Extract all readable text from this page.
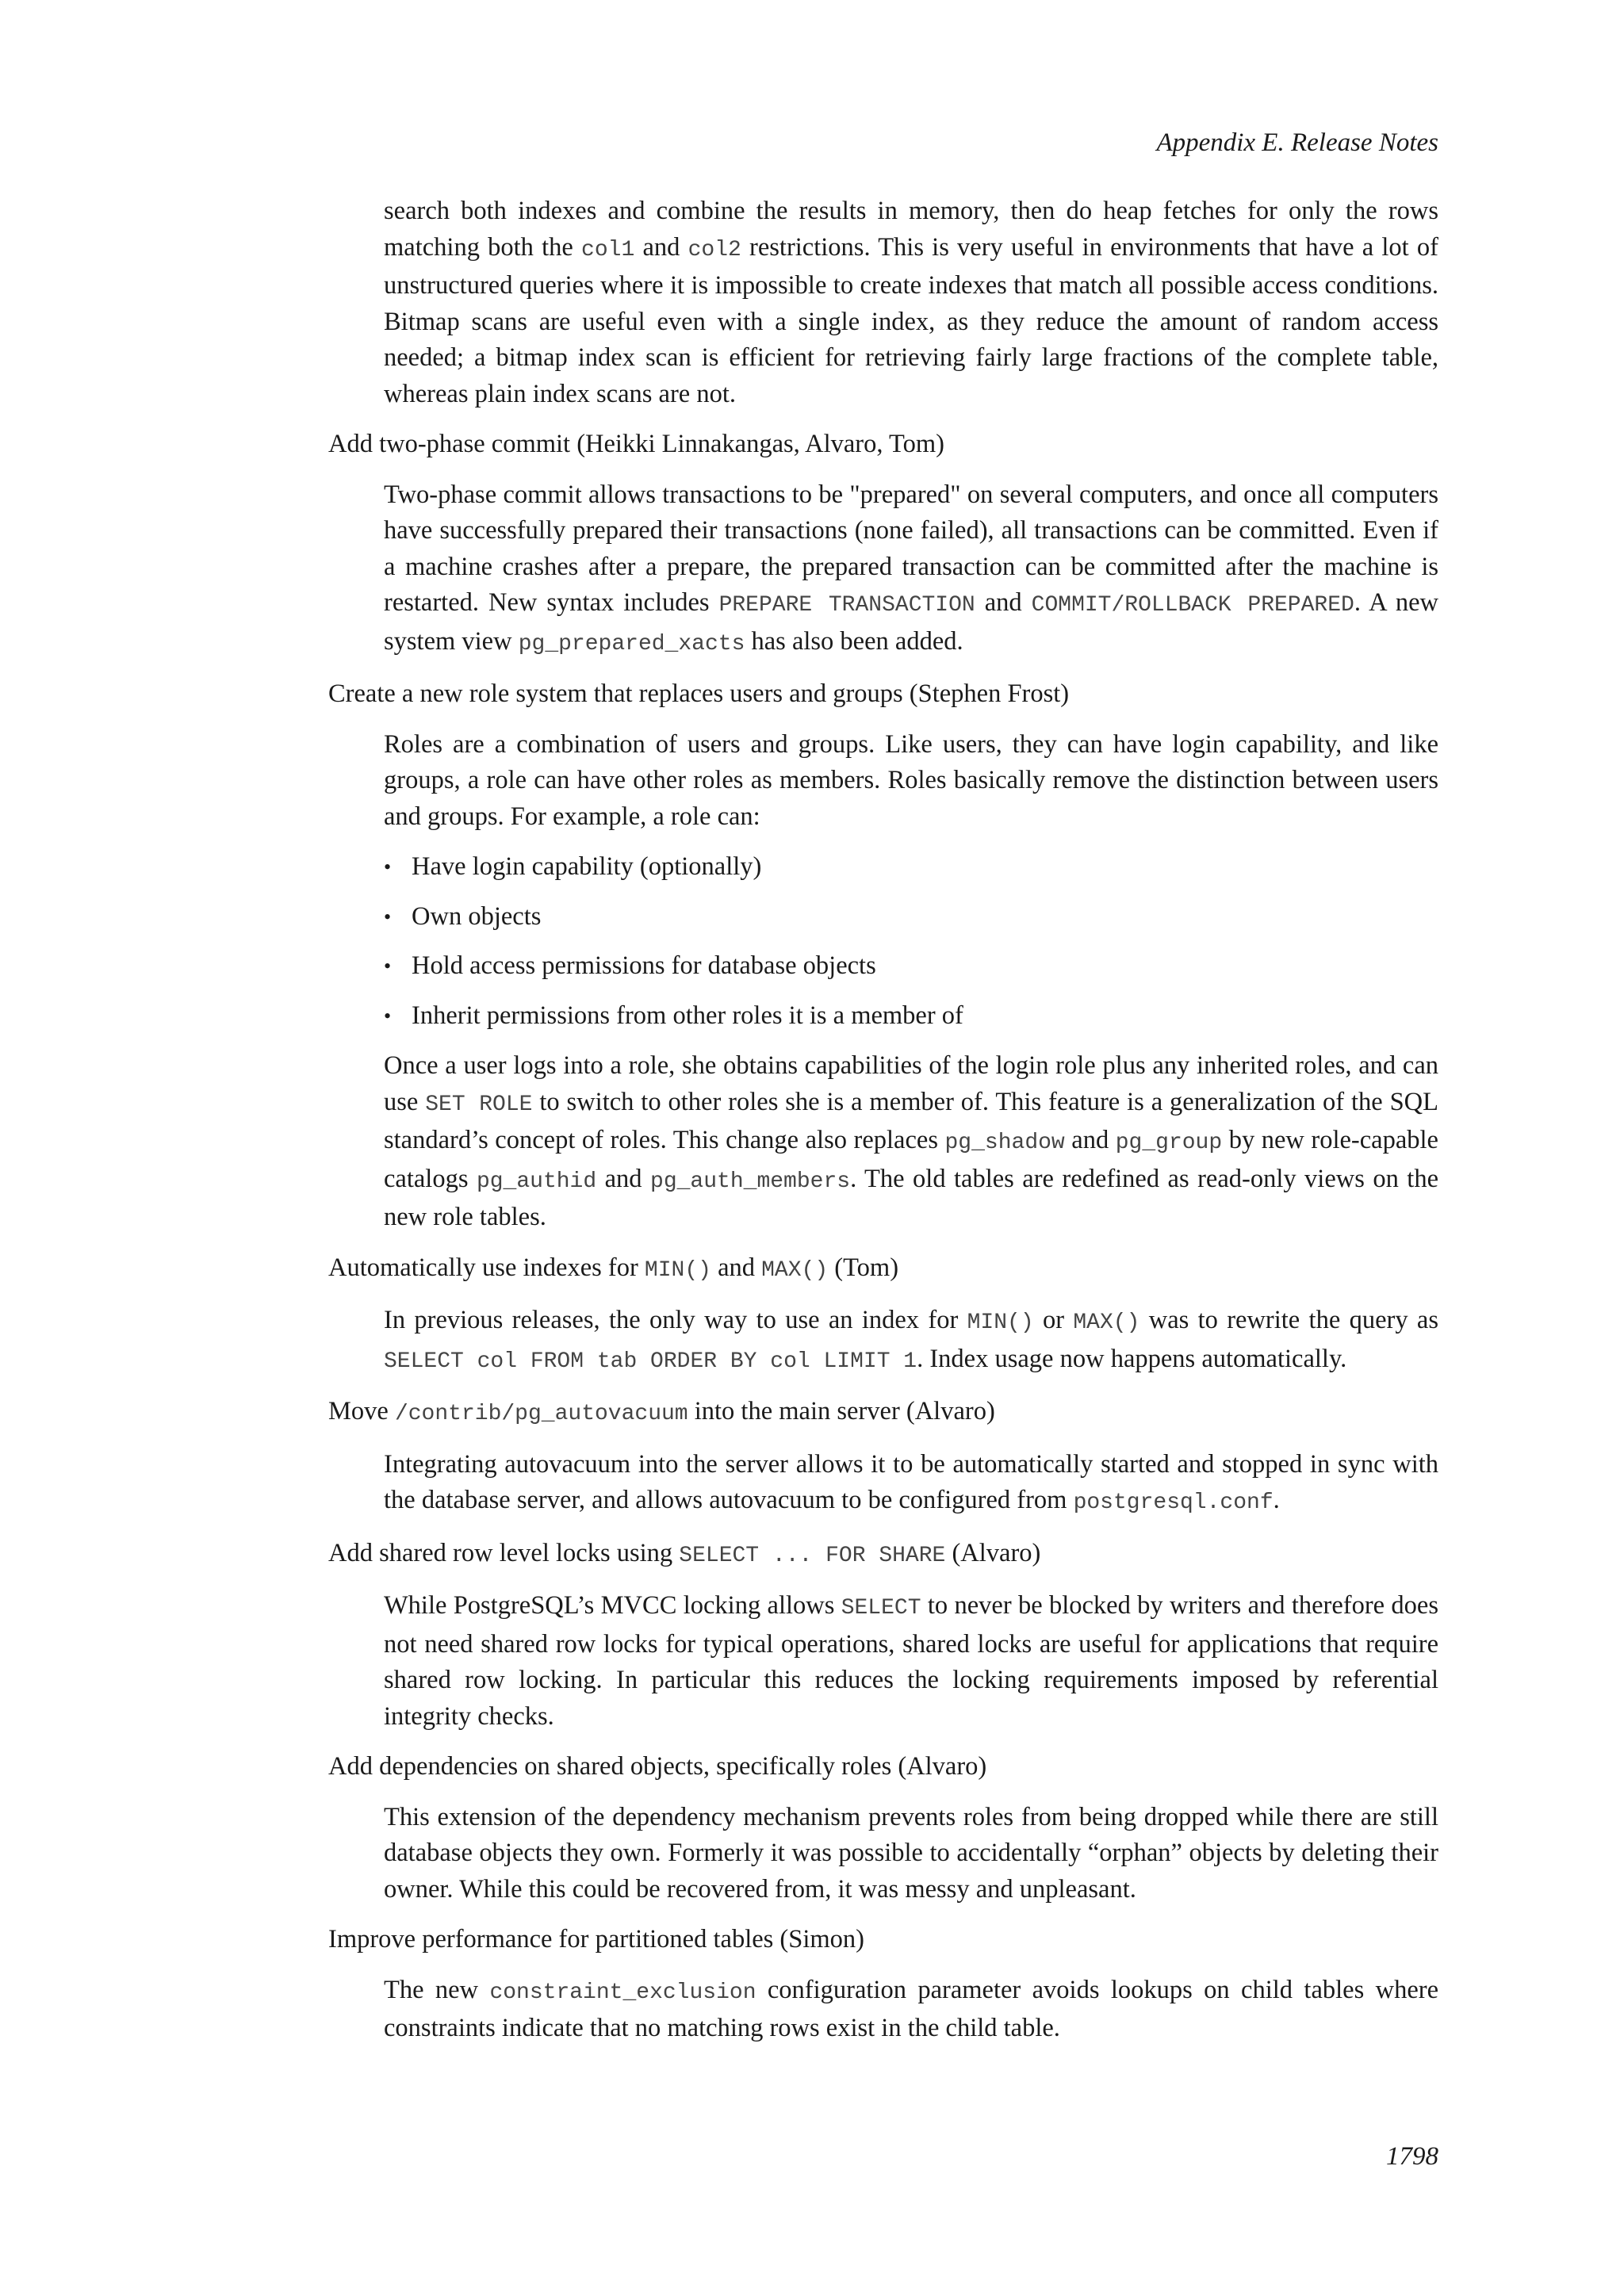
Appendix E. Release Notes

search both indexes and combine the results in memory, then do heap fetches for only the rows matching both the col1 and col2 restrictions. This is very useful in environments that have a lot of unstructured queries where it is impossible to create indexes that match all possible access conditions. Bitmap scans are useful even with a single index, as they reduce the amount of random access needed; a bitmap index scan is efficient for retrieving fairly large fractions of the complete table, whereas plain index scans are not.

Add two-phase commit (Heikki Linnakangas, Alvaro, Tom)

Two-phase commit allows transactions to be "prepared" on several computers, and once all computers have successfully prepared their transactions (none failed), all transactions can be committed. Even if a machine crashes after a prepare, the prepared transaction can be committed after the machine is restarted. New syntax includes PREPARE TRANSACTION and COMMIT/ROLLBACK PREPARED. A new system view pg_prepared_xacts has also been added.

Create a new role system that replaces users and groups (Stephen Frost)

Roles are a combination of users and groups. Like users, they can have login capability, and like groups, a role can have other roles as members. Roles basically remove the distinction between users and groups. For example, a role can:

• Have login capability (optionally)
• Own objects
• Hold access permissions for database objects
• Inherit permissions from other roles it is a member of

Once a user logs into a role, she obtains capabilities of the login role plus any inherited roles, and can use SET ROLE to switch to other roles she is a member of. This feature is a generalization of the SQL standard’s concept of roles. This change also replaces pg_shadow and pg_group by new role-capable catalogs pg_authid and pg_auth_members. The old tables are redefined as read-only views on the new role tables.

Automatically use indexes for MIN() and MAX() (Tom)

In previous releases, the only way to use an index for MIN() or MAX() was to rewrite the query as SELECT col FROM tab ORDER BY col LIMIT 1. Index usage now happens automatically.

Move /contrib/pg_autovacuum into the main server (Alvaro)

Integrating autovacuum into the server allows it to be automatically started and stopped in sync with the database server, and allows autovacuum to be configured from postgresql.conf.

Add shared row level locks using SELECT ... FOR SHARE (Alvaro)

While PostgreSQL’s MVCC locking allows SELECT to never be blocked by writers and therefore does not need shared row locks for typical operations, shared locks are useful for applications that require shared row locking. In particular this reduces the locking requirements imposed by referential integrity checks.

Add dependencies on shared objects, specifically roles (Alvaro)

This extension of the dependency mechanism prevents roles from being dropped while there are still database objects they own. Formerly it was possible to accidentally “orphan” objects by deleting their owner. While this could be recovered from, it was messy and unpleasant.

Improve performance for partitioned tables (Simon)

The new constraint_exclusion configuration parameter avoids lookups on child tables where constraints indicate that no matching rows exist in the child table.

1798
